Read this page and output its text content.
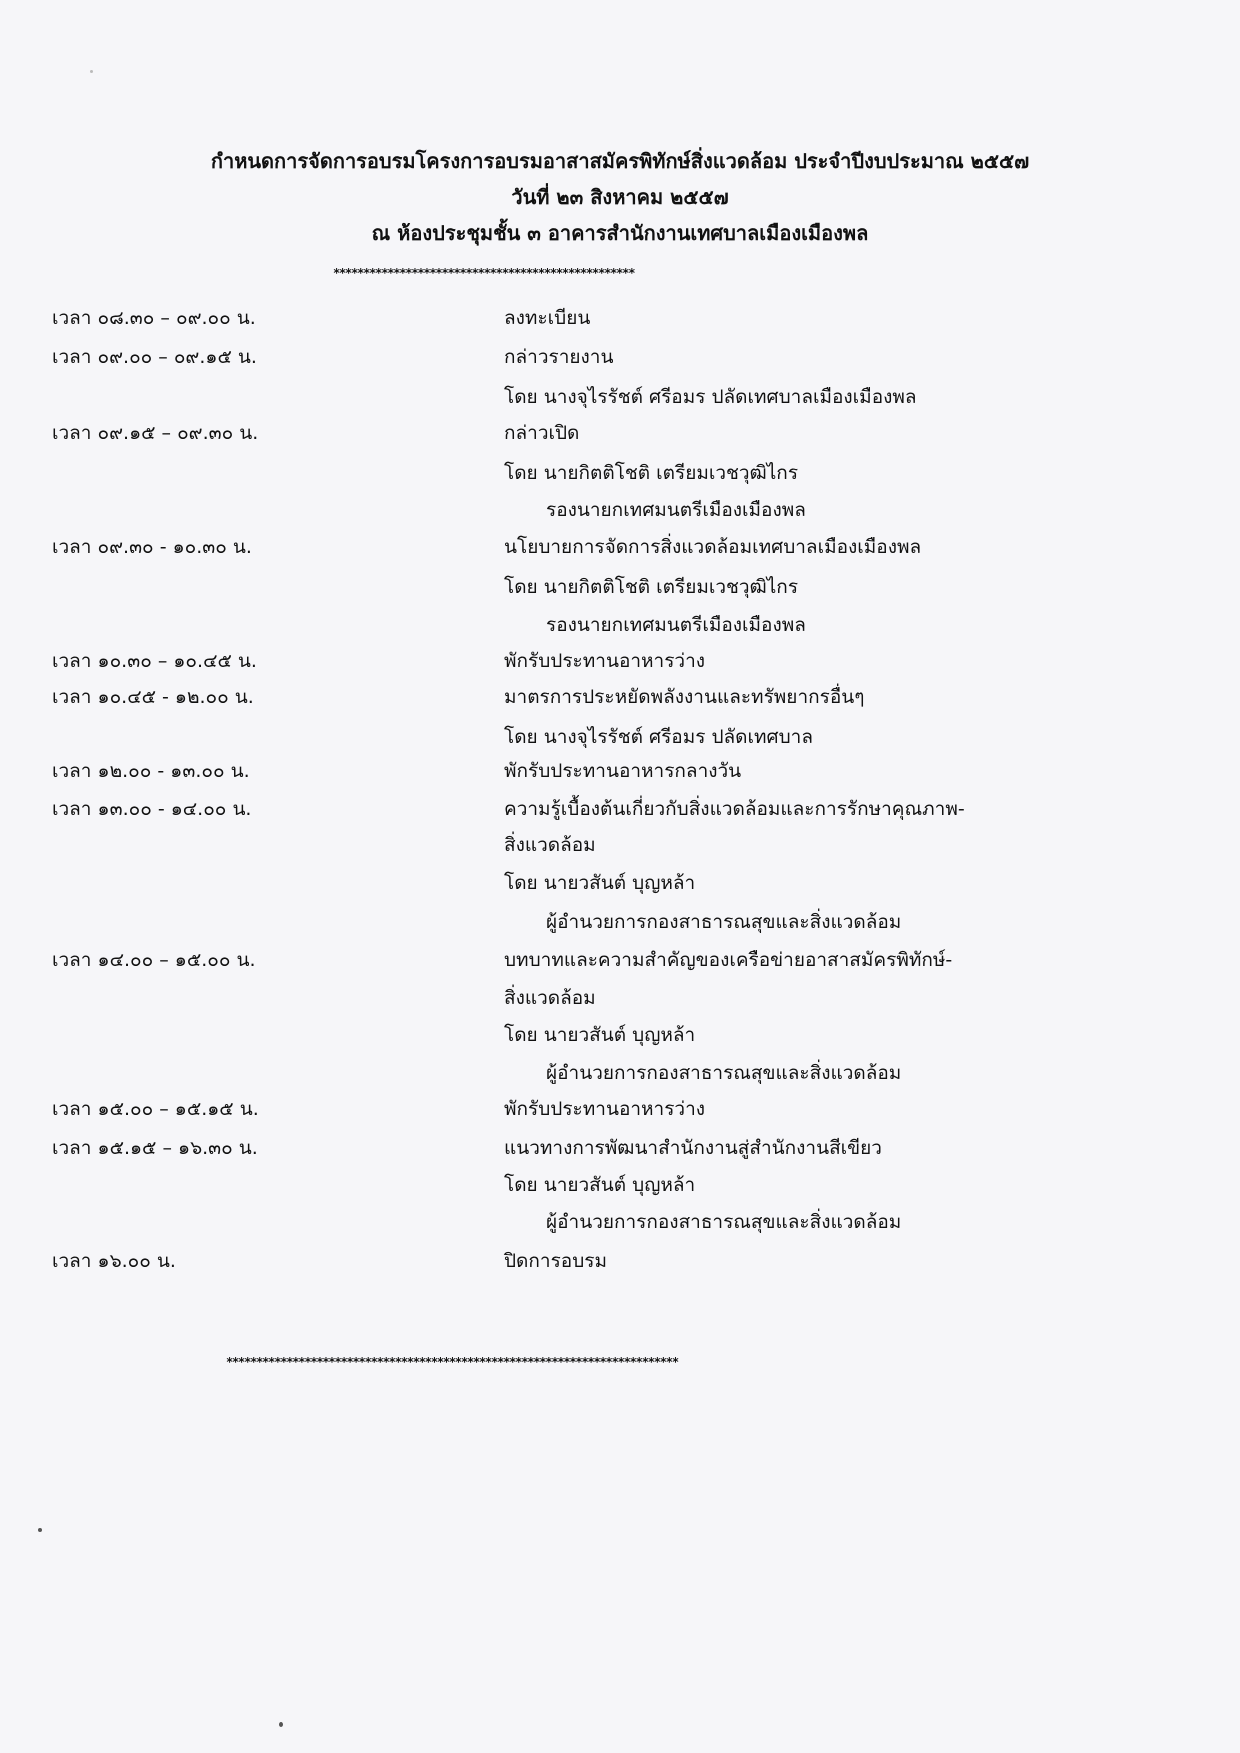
กำหนดการจัดการอบรมโครงการอบรมอาสาสมัครพิทักษ์สิ่งแวดล้อม ประจำปีงบประมาณ ๒๕๕๗
วันที่ ๒๓ สิงหาคม ๒๕๕๗
ณ ห้องประชุมชั้น ๓ อาคารสำนักงานเทศบาลเมืองเมืองพล
**************************************************
เวลา ๐๘.๓๐ – ๐๙.๐๐ น.	ลงทะเบียน
เวลา ๐๙.๐๐ – ๐๙.๑๕ น.	กล่าวรายงาน
โดย นางจุไรรัชต์ ศรีอมร ปลัดเทศบาลเมืองเมืองพล
เวลา ๐๙.๑๕ – ๐๙.๓๐ น.	กล่าวเปิด
โดย นายกิตติโชติ เตรียมเวชวุฒิไกร
รองนายกเทศมนตรีเมืองเมืองพล
เวลา ๐๙.๓๐ - ๑๐.๓๐ น.	นโยบายการจัดการสิ่งแวดล้อมเทศบาลเมืองเมืองพล
โดย นายกิตติโชติ เตรียมเวชวุฒิไกร
รองนายกเทศมนตรีเมืองเมืองพล
เวลา ๑๐.๓๐ – ๑๐.๔๕ น.	พักรับประทานอาหารว่าง
เวลา ๑๐.๔๕ - ๑๒.๐๐ น.	มาตรการประหยัดพลังงานและทรัพยากรอื่นๆ
โดย นางจุไรรัชต์ ศรีอมร ปลัดเทศบาล
เวลา ๑๒.๐๐ - ๑๓.๐๐ น.	พักรับประทานอาหารกลางวัน
เวลา ๑๓.๐๐ - ๑๔.๐๐ น.	ความรู้เบื้องต้นเกี่ยวกับสิ่งแวดล้อมและการรักษาคุณภาพ-
สิ่งแวดล้อม
โดย นายวสันต์ บุญหล้า
ผู้อำนวยการกองสาธารณสุขและสิ่งแวดล้อม
เวลา ๑๔.๐๐ – ๑๕.๐๐ น.	บทบาทและความสำคัญของเครือข่ายอาสาสมัครพิทักษ์-
สิ่งแวดล้อม
โดย นายวสันต์ บุญหล้า
ผู้อำนวยการกองสาธารณสุขและสิ่งแวดล้อม
เวลา ๑๕.๐๐ – ๑๕.๑๕ น.	พักรับประทานอาหารว่าง
เวลา ๑๕.๑๕ – ๑๖.๓๐ น.	แนวทางการพัฒนาสำนักงานสู่สำนักงานสีเขียว
โดย นายวสันต์ บุญหล้า
ผู้อำนวยการกองสาธารณสุขและสิ่งแวดล้อม
เวลา ๑๖.๐๐ น.	ปิดการอบรม
***************************************************************************
